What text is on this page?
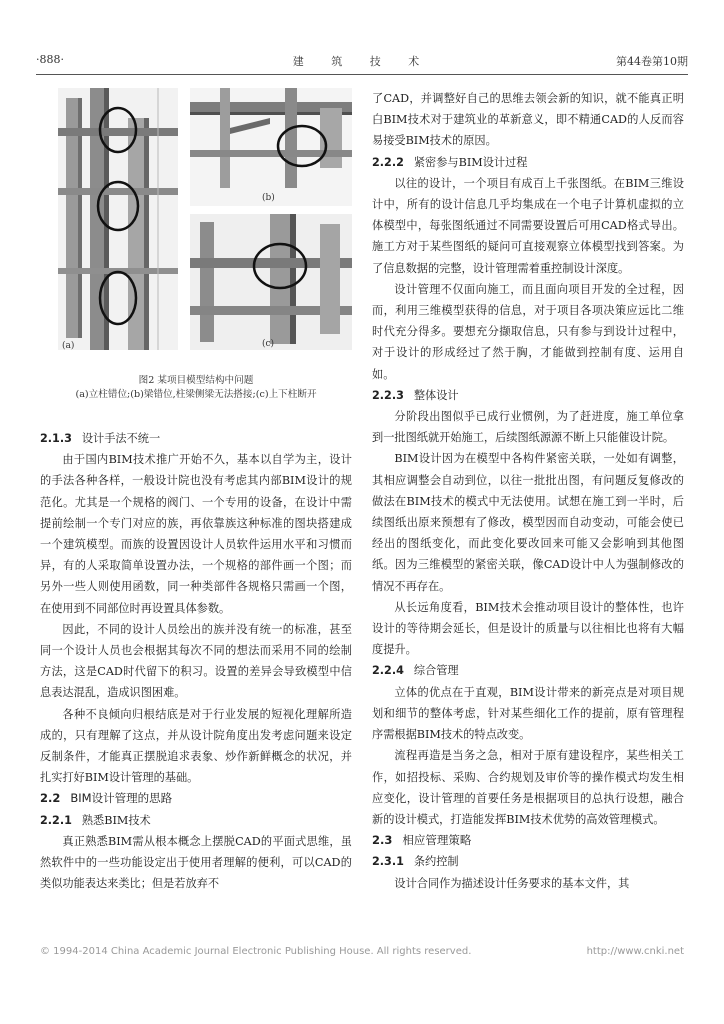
·888·	建 筑 技 术	第44卷第10期
(a)
(b)
(c)
图2 某项目模型结构中问题
(a)立柱错位;(b)梁错位,柱梁侧梁无法搭接;(c)上下柱断开
2.1.3 设计手法不统一

由于国内BIM技术推广开始不久，基本以自学为主，设计的手法各种各样，一般设计院也没有考虑其内部BIM设计的规范化。尤其是一个规格的阀门、一个专用的设备，在设计中需提前绘制一个专门对应的族，再依靠族这种标准的图块搭建成一个建筑模型。而族的设置因设计人员软件运用水平和习惯而异，有的人采取简单设置办法，一个规格的部件画一个图；而另外一些人则使用函数，同一种类部件各规格只需画一个图，在使用到不同部位时再设置具体参数。

因此，不同的设计人员绘出的族并没有统一的标准，甚至同一个设计人员也会根据其每次不同的想法而采用不同的绘制方法，这是CAD时代留下的积习。设置的差异会导致模型中信息表达混乱，造成识图困难。

各种不良倾向归根结底是对于行业发展的短视化理解所造成的，只有理解了这点，并从设计院角度出发考虑问题来设定反制条件，才能真正摆脱追求表象、炒作新鲜概念的状况，并扎实打好BIM设计管理的基础。

2.2 BIM设计管理的思路
2.2.1 熟悉BIM技术

真正熟悉BIM需从根本概念上摆脱CAD的平面式思维，虽然软件中的一些功能设定出于使用者理解的便利，可以CAD的类似功能表达来类比；但是若放弃不

了CAD，并调整好自己的思维去领会新的知识，就不能真正明白BIM技术对于建筑业的革新意义，即不精通CAD的人反而容易接受BIM技术的原因。

2.2.2 紧密参与BIM设计过程

以往的设计，一个项目有成百上千张图纸。在BIM三维设计中，所有的设计信息几乎均集成在一个电子计算机虚拟的立体模型中，每张图纸通过不同需要设置后可用CAD格式导出。施工方对于某些图纸的疑问可直接观察立体模型找到答案。为了信息数据的完整，设计管理需着重控制设计深度。

设计管理不仅面向施工，而且面向项目开发的全过程，因而，利用三维模型获得的信息，对于项目各项决策应远比二维时代充分得多。要想充分撷取信息，只有参与到设计过程中，对于设计的形成经过了然于胸，才能做到控制有度、运用自如。

2.2.3 整体设计

分阶段出图似乎已成行业惯例，为了赶进度，施工单位拿到一批图纸就开始施工，后续图纸源源不断上只能催设计院。

BIM设计因为在模型中各构件紧密关联，一处如有调整，其相应调整会自动到位，以往一批批出图，有问题反复修改的做法在BIM技术的模式中无法使用。试想在施工到一半时，后续图纸出原来预想有了修改，模型因而自动变动，可能会使已经出的图纸变化，而此变化要改回来可能又会影响到其他图纸。因为三维模型的紧密关联，像CAD设计中人为强制修改的情况不再存在。

从长远角度看，BIM技术会推动项目设计的整体性，也许设计的等待期会延长，但是设计的质量与以往相比也将有大幅度提升。

2.2.4 综合管理

立体的优点在于直观，BIM设计带来的新亮点是对项目规划和细节的整体考虑，针对某些细化工作的提前，原有管理程序需根据BIM技术的特点改变。

流程再造是当务之急，相对于原有建设程序，某些相关工作，如招投标、采购、合约规划及审价等的操作模式均发生相应变化，设计管理的首要任务是根据项目的总执行设想，融合新的设计模式，打造能发挥BIM技术优势的高效管理模式。

2.3 相应管理策略
2.3.1 条约控制

设计合同作为描述设计任务要求的基本文件，其

© 1994-2014 China Academic Journal Electronic Publishing House. All rights reserved.	http://www.cnki.net
